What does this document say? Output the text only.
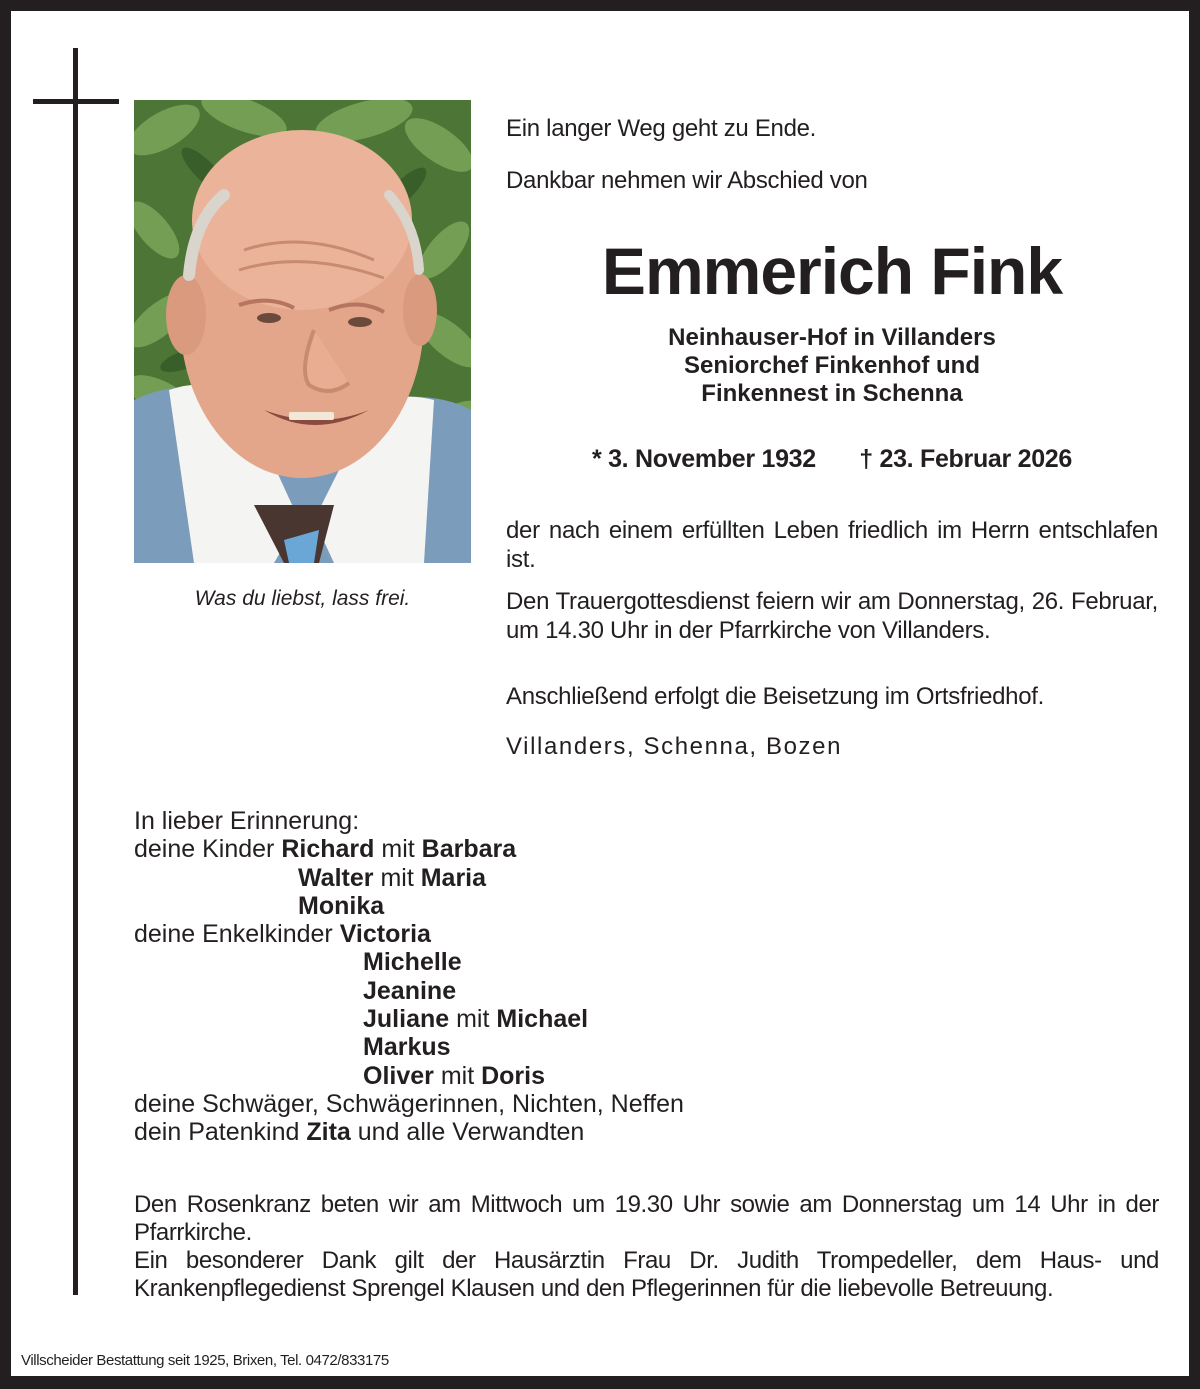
Was du liebst, lass frei.
Ein langer Weg geht zu Ende.
Dankbar nehmen wir Abschied von
Emmerich Fink
Neinhauser-Hof in Villanders
Seniorchef Finkenhof und
Finkennest in Schenna
* 3. November 1932 † 23. Februar 2026
der nach einem erfüllten Leben friedlich im Herrn entschlafen ist.
Den Trauergottesdienst feiern wir am Donnerstag, 26. Februar, um 14.30 Uhr in der Pfarrkirche von Villanders.
Anschließend erfolgt die Beisetzung im Ortsfriedhof.
Villanders, Schenna, Bozen
In lieber Erinnerung:
deine Kinder Richard mit Barbara
Walter mit Maria
Monika
deine Enkelkinder Victoria
Michelle
Jeanine
Juliane mit Michael
Markus
Oliver mit Doris
deine Schwäger, Schwägerinnen, Nichten, Neffen
dein Patenkind Zita und alle Verwandten

Den Rosenkranz beten wir am Mittwoch um 19.30 Uhr sowie am Donnerstag um 14 Uhr in der Pfarrkirche.

Ein besonderer Dank gilt der Hausärztin Frau Dr. Judith Trompedeller, dem Haus- und Krankenpflegedienst Sprengel Klausen und den Pflegerinnen für die liebevolle Betreuung.

Villscheider Bestattung seit 1925, Brixen, Tel. 0472/833175
